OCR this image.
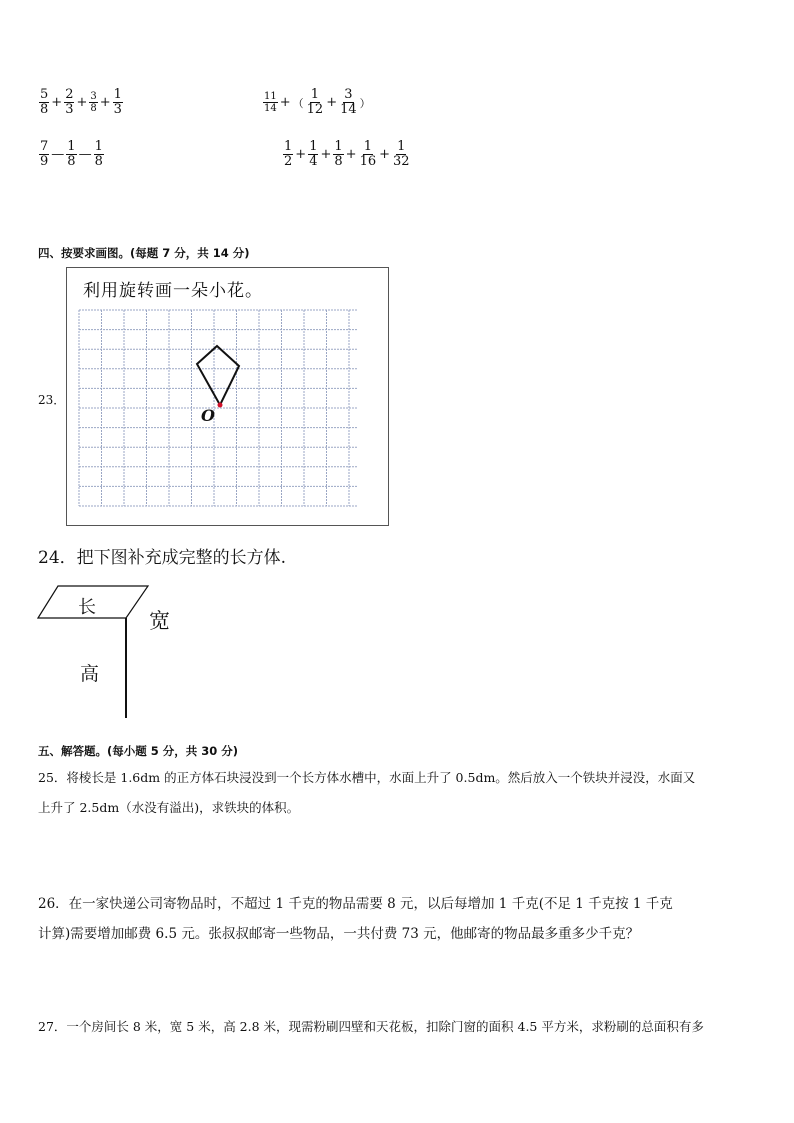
$\frac{5}{8} + \frac{2}{3} + \frac{3}{8} + \frac{1}{3}$	$\frac{11}{14}$ + （ $\frac{1}{12} + \frac{3}{14}$ ）
$\frac{7}{9}$ — $\frac{1}{8}$ — $\frac{1}{8}$	$\frac{1}{2} + \frac{1}{4} + \frac{1}{8} + \frac{1}{16} + \frac{1}{32}$
四、按要求画图。(每题 7 分，共 14 分)
23．
利用旋转画一朵小花。
O
24．把下图补充成完整的长方体.
长
宽
高
五、解答题。(每小题 5 分，共 30 分)
25．将棱长是 1.6dm 的正方体石块浸没到一个长方体水槽中，水面上升了 0.5dm。然后放入一个铁块并浸没，水面又
上升了 2.5dm（水没有溢出)，求铁块的体积。
26．在一家快递公司寄物品时，不超过 1 千克的物品需要 8 元，以后每增加 1 千克(不足 1 千克按 1 千克
计算)需要增加邮费 6.5 元。张叔叔邮寄一些物品，一共付费 73 元，他邮寄的物品最多重多少千克？
27．一个房间长 8 米，宽 5 米，高 2.8 米，现需粉刷四壁和天花板，扣除门窗的面积 4.5 平方米，求粉刷的总面积有多
